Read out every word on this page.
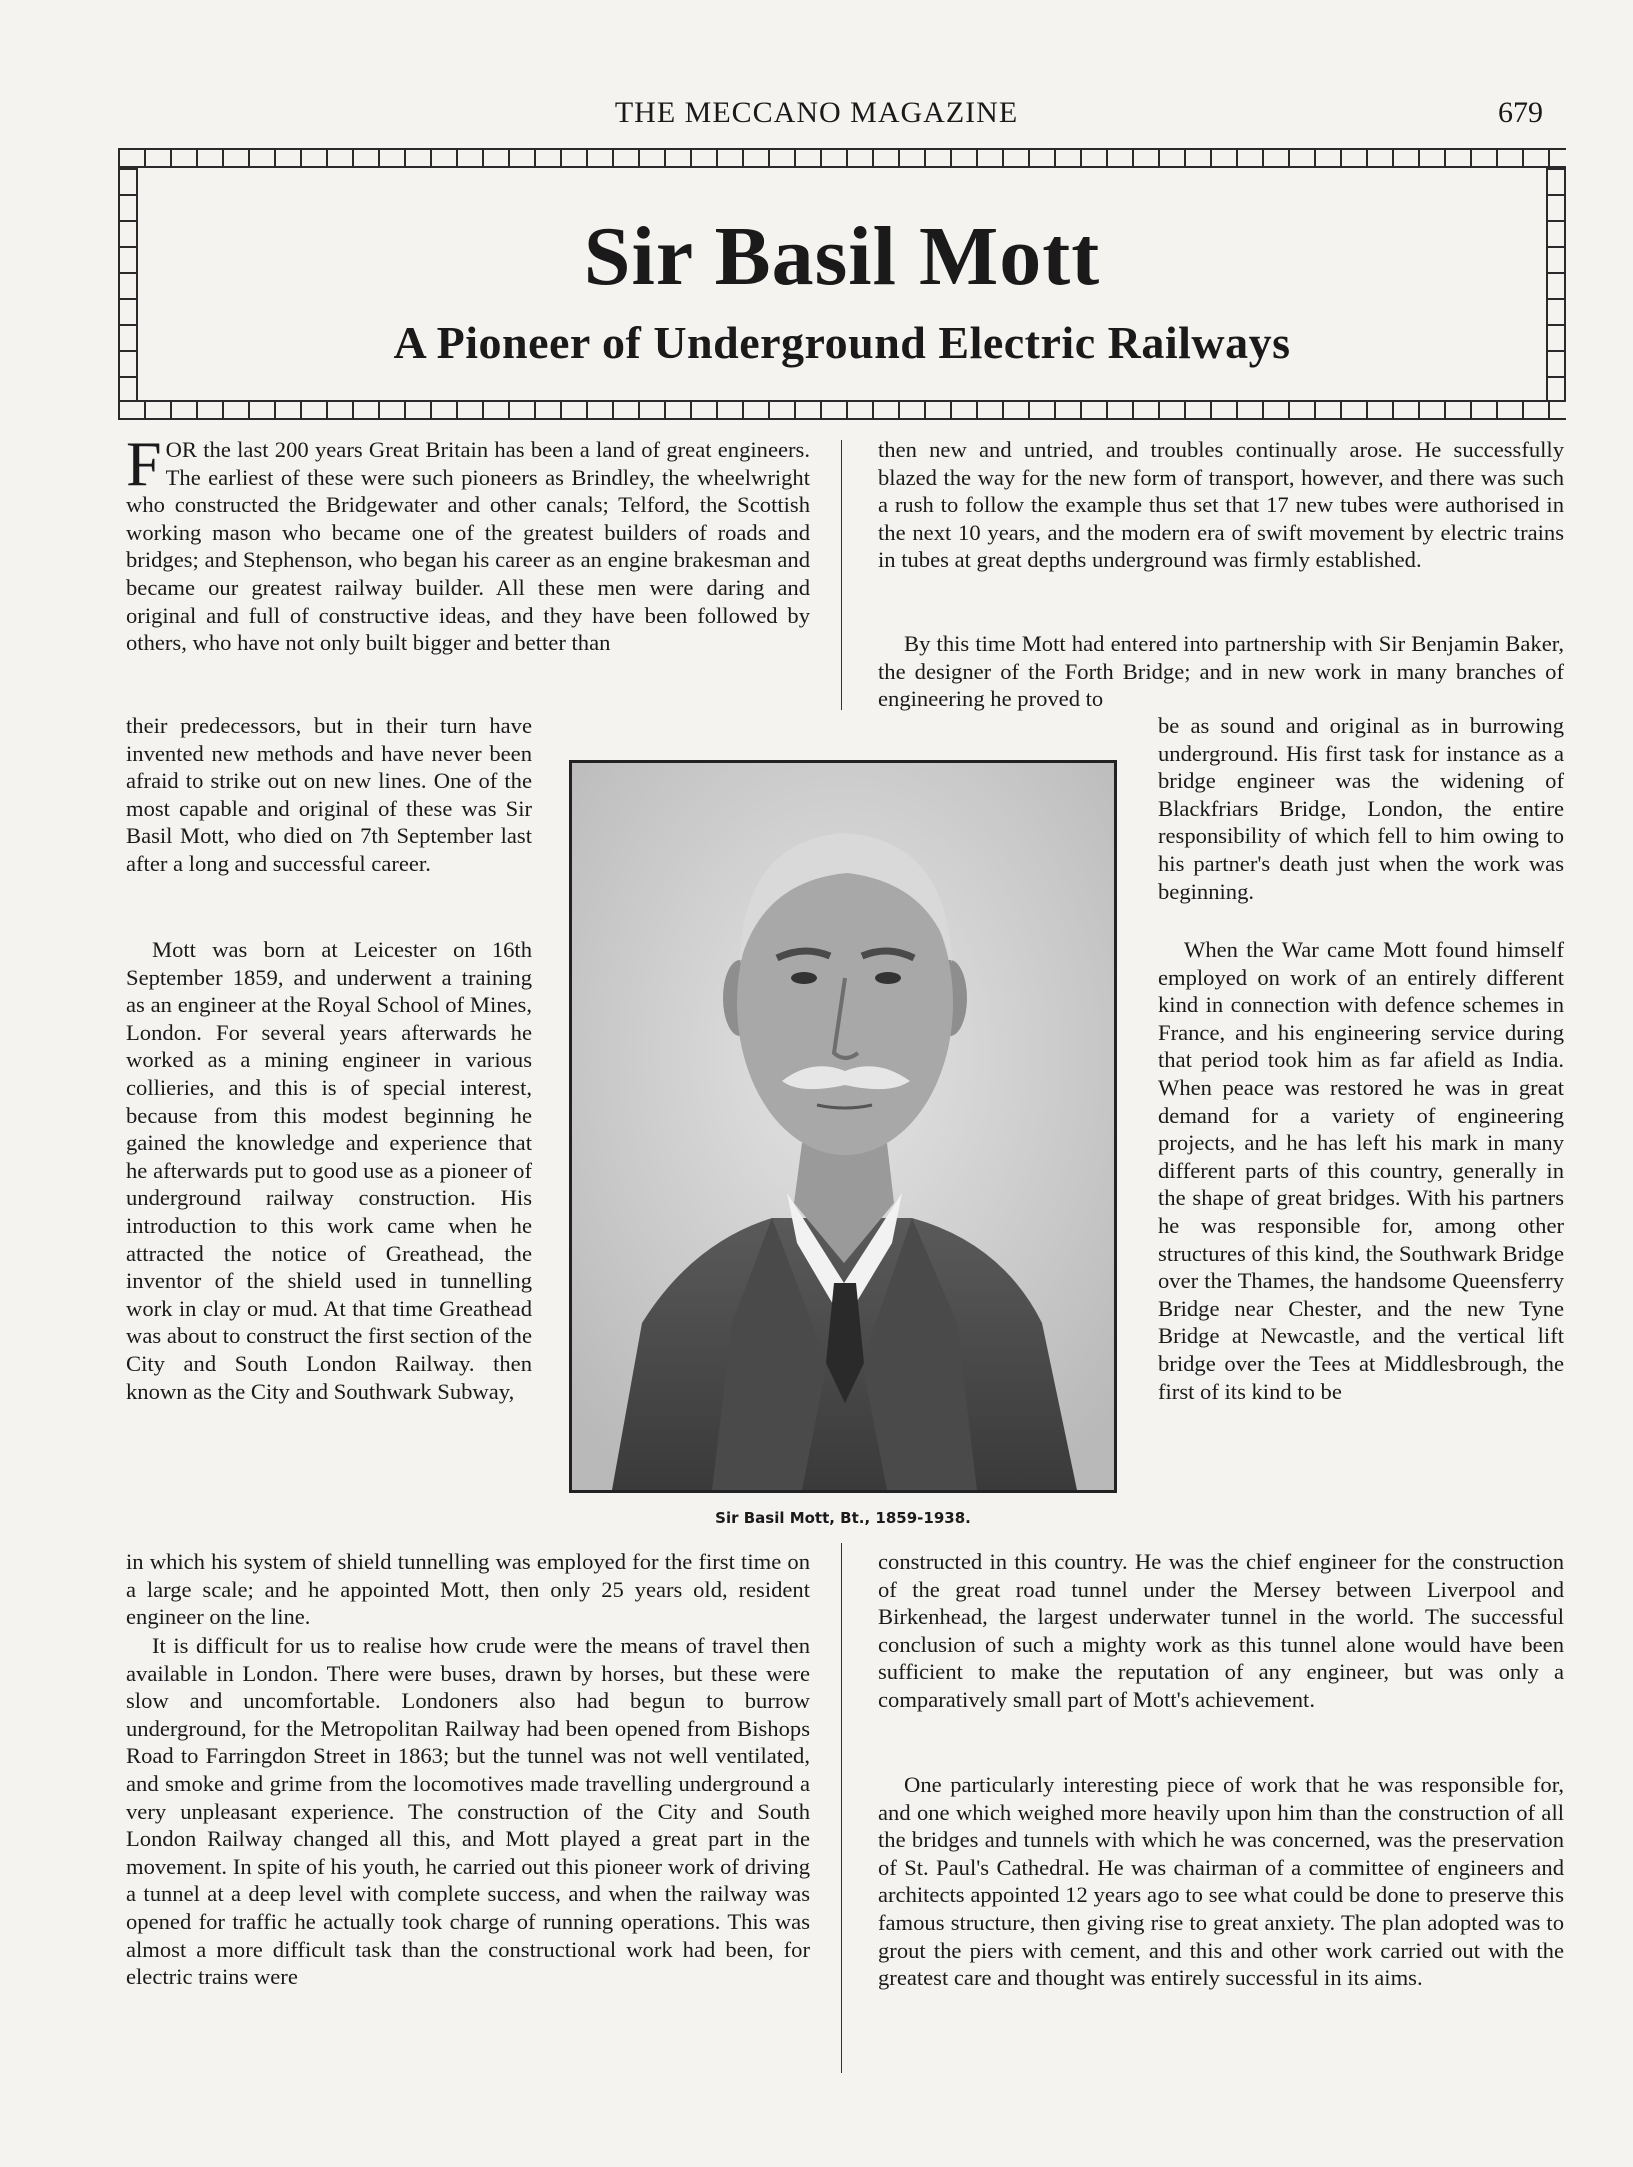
THE MECCANO MAGAZINE	679
Sir Basil Mott
A Pioneer of Underground Electric Railways

FOR the last 200 years Great Britain has been a land of great engineers. The earliest of these were such pioneers as Brindley, the wheelwright who constructed the Bridgewater and other canals; Telford, the Scottish working mason who became one of the greatest builders of roads and bridges; and Stephenson, who began his career as an engine brakesman and became our greatest railway builder. All these men were daring and original and full of constructive ideas, and they have been followed by others, who have not only built bigger and better than

their predecessors, but in their turn have invented new methods and have never been afraid to strike out on new lines. One of the most capable and original of these was Sir Basil Mott, who died on 7th September last after a long and successful career.

Mott was born at Leicester on 16th September 1859, and underwent a training as an engineer at the Royal School of Mines, London. For several years afterwards he worked as a mining engineer in various collieries, and this is of special interest, because from this modest beginning he gained the knowledge and experience that he afterwards put to good use as a pioneer of underground railway construction. His introduction to this work came when he attracted the notice of Greathead, the inventor of the shield used in tunnelling work in clay or mud. At that time Greathead was about to construct the first section of the City and South London Railway. then known as the City and Southwark Subway,

in which his system of shield tunnelling was employed for the first time on a large scale; and he appointed Mott, then only 25 years old, resident engineer on the line.

It is difficult for us to realise how crude were the means of travel then available in London. There were buses, drawn by horses, but these were slow and uncomfortable. Londoners also had begun to burrow underground, for the Metropolitan Railway had been opened from Bishops Road to Farringdon Street in 1863; but the tunnel was not well ventilated, and smoke and grime from the locomotives made travelling underground a very unpleasant experience. The construction of the City and South London Railway changed all this, and Mott played a great part in the movement. In spite of his youth, he carried out this pioneer work of driving a tunnel at a deep level with complete success, and when the railway was opened for traffic he actually took charge of running operations. This was almost a more difficult task than the constructional work had been, for electric trains were

then new and untried, and troubles continually arose. He successfully blazed the way for the new form of transport, however, and there was such a rush to follow the example thus set that 17 new tubes were authorised in the next 10 years, and the modern era of swift movement by electric trains in tubes at great depths underground was firmly established.

By this time Mott had entered into partnership with Sir Benjamin Baker, the designer of the Forth Bridge; and in new work in many branches of engineering he proved to

be as sound and original as in burrowing underground. His first task for instance as a bridge engineer was the widening of Blackfriars Bridge, London, the entire responsibility of which fell to him owing to his partner's death just when the work was beginning.

When the War came Mott found himself employed on work of an entirely different kind in connection with defence schemes in France, and his engineering service during that period took him as far afield as India. When peace was restored he was in great demand for a variety of engineering projects, and he has left his mark in many different parts of this country, generally in the shape of great bridges. With his partners he was responsible for, among other structures of this kind, the Southwark Bridge over the Thames, the handsome Queensferry Bridge near Chester, and the new Tyne Bridge at Newcastle, and the vertical lift bridge over the Tees at Middlesbrough, the first of its kind to be

constructed in this country. He was the chief engineer for the construction of the great road tunnel under the Mersey between Liverpool and Birkenhead, the largest underwater tunnel in the world. The successful conclusion of such a mighty work as this tunnel alone would have been sufficient to make the reputation of any engineer, but was only a comparatively small part of Mott's achievement.

One particularly interesting piece of work that he was responsible for, and one which weighed more heavily upon him than the construction of all the bridges and tunnels with which he was concerned, was the preservation of St. Paul's Cathedral. He was chairman of a committee of engineers and architects appointed 12 years ago to see what could be done to preserve this famous structure, then giving rise to great anxiety. The plan adopted was to grout the piers with cement, and this and other work carried out with the greatest care and thought was entirely successful in its aims.

Sir Basil Mott, Bt., 1859-1938.
